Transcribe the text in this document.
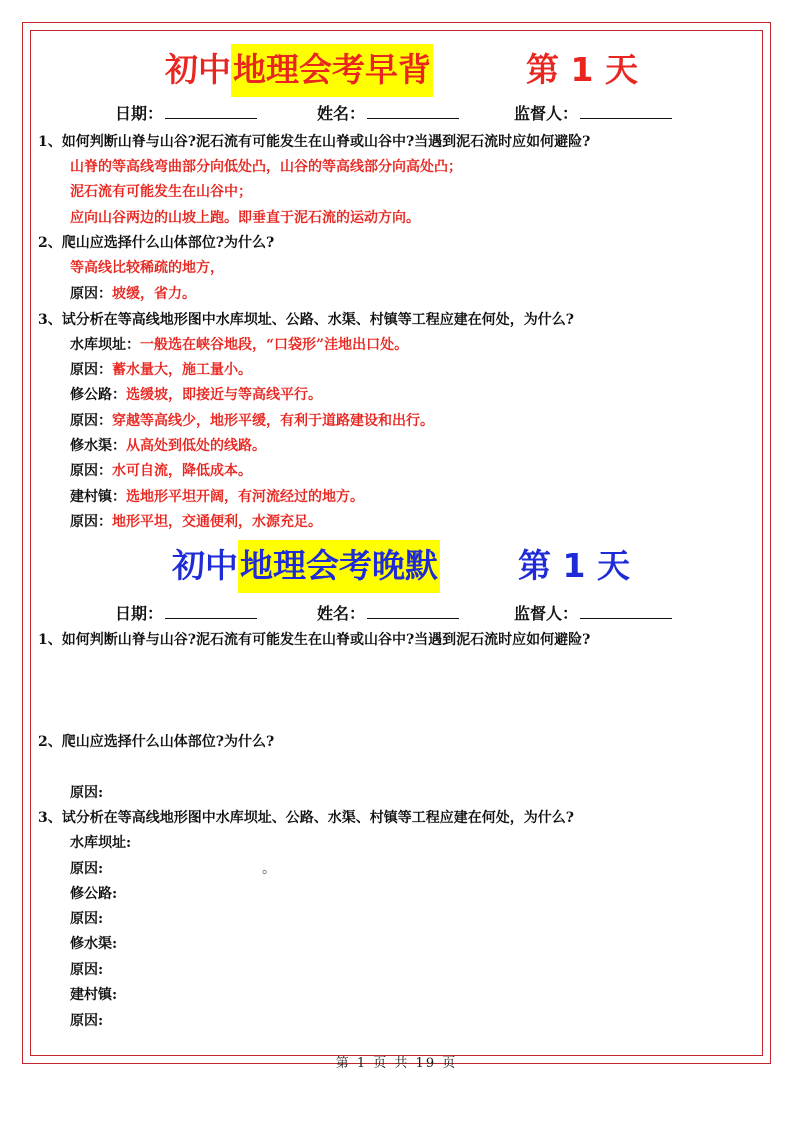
初中地理会考早背	第 1 天
日期：	姓名：	监督人：
1、如何判断山脊与山谷?泥石流有可能发生在山脊或山谷中?当遇到泥石流时应如何避险?
山脊的等高线弯曲部分向低处凸，山谷的等高线部分向高处凸；
泥石流有可能发生在山谷中；
应向山谷两边的山坡上跑。即垂直于泥石流的运动方向。
2、爬山应选择什么山体部位?为什么?
等高线比较稀疏的地方，
原因：坡缓，省力。
3、试分析在等高线地形图中水库坝址、公路、水渠、村镇等工程应建在何处，为什么?
水库坝址：一般选在峡谷地段，“口袋形”洼地出口处。
原因：蓄水量大，施工量小。
修公路：选缓坡，即接近与等高线平行。
原因：穿越等高线少，地形平缓，有利于道路建设和出行。
修水渠：从高处到低处的线路。
原因：水可自流，降低成本。
建村镇：选地形平坦开阔，有河流经过的地方。
原因：地形平坦，交通便利，水源充足。
初中地理会考晚默 第 1 天
日期：	姓名：	监督人：
1、如何判断山脊与山谷?泥石流有可能发生在山脊或山谷中?当遇到泥石流时应如何避险?
2、爬山应选择什么山体部位?为什么?
原因:
3、试分析在等高线地形图中水库坝址、公路、水渠、村镇等工程应建在何处，为什么?
水库坝址:
原因:	。
修公路:
原因:
修水渠:
原因:
建村镇:
原因:
第 1 页 共 19 页
